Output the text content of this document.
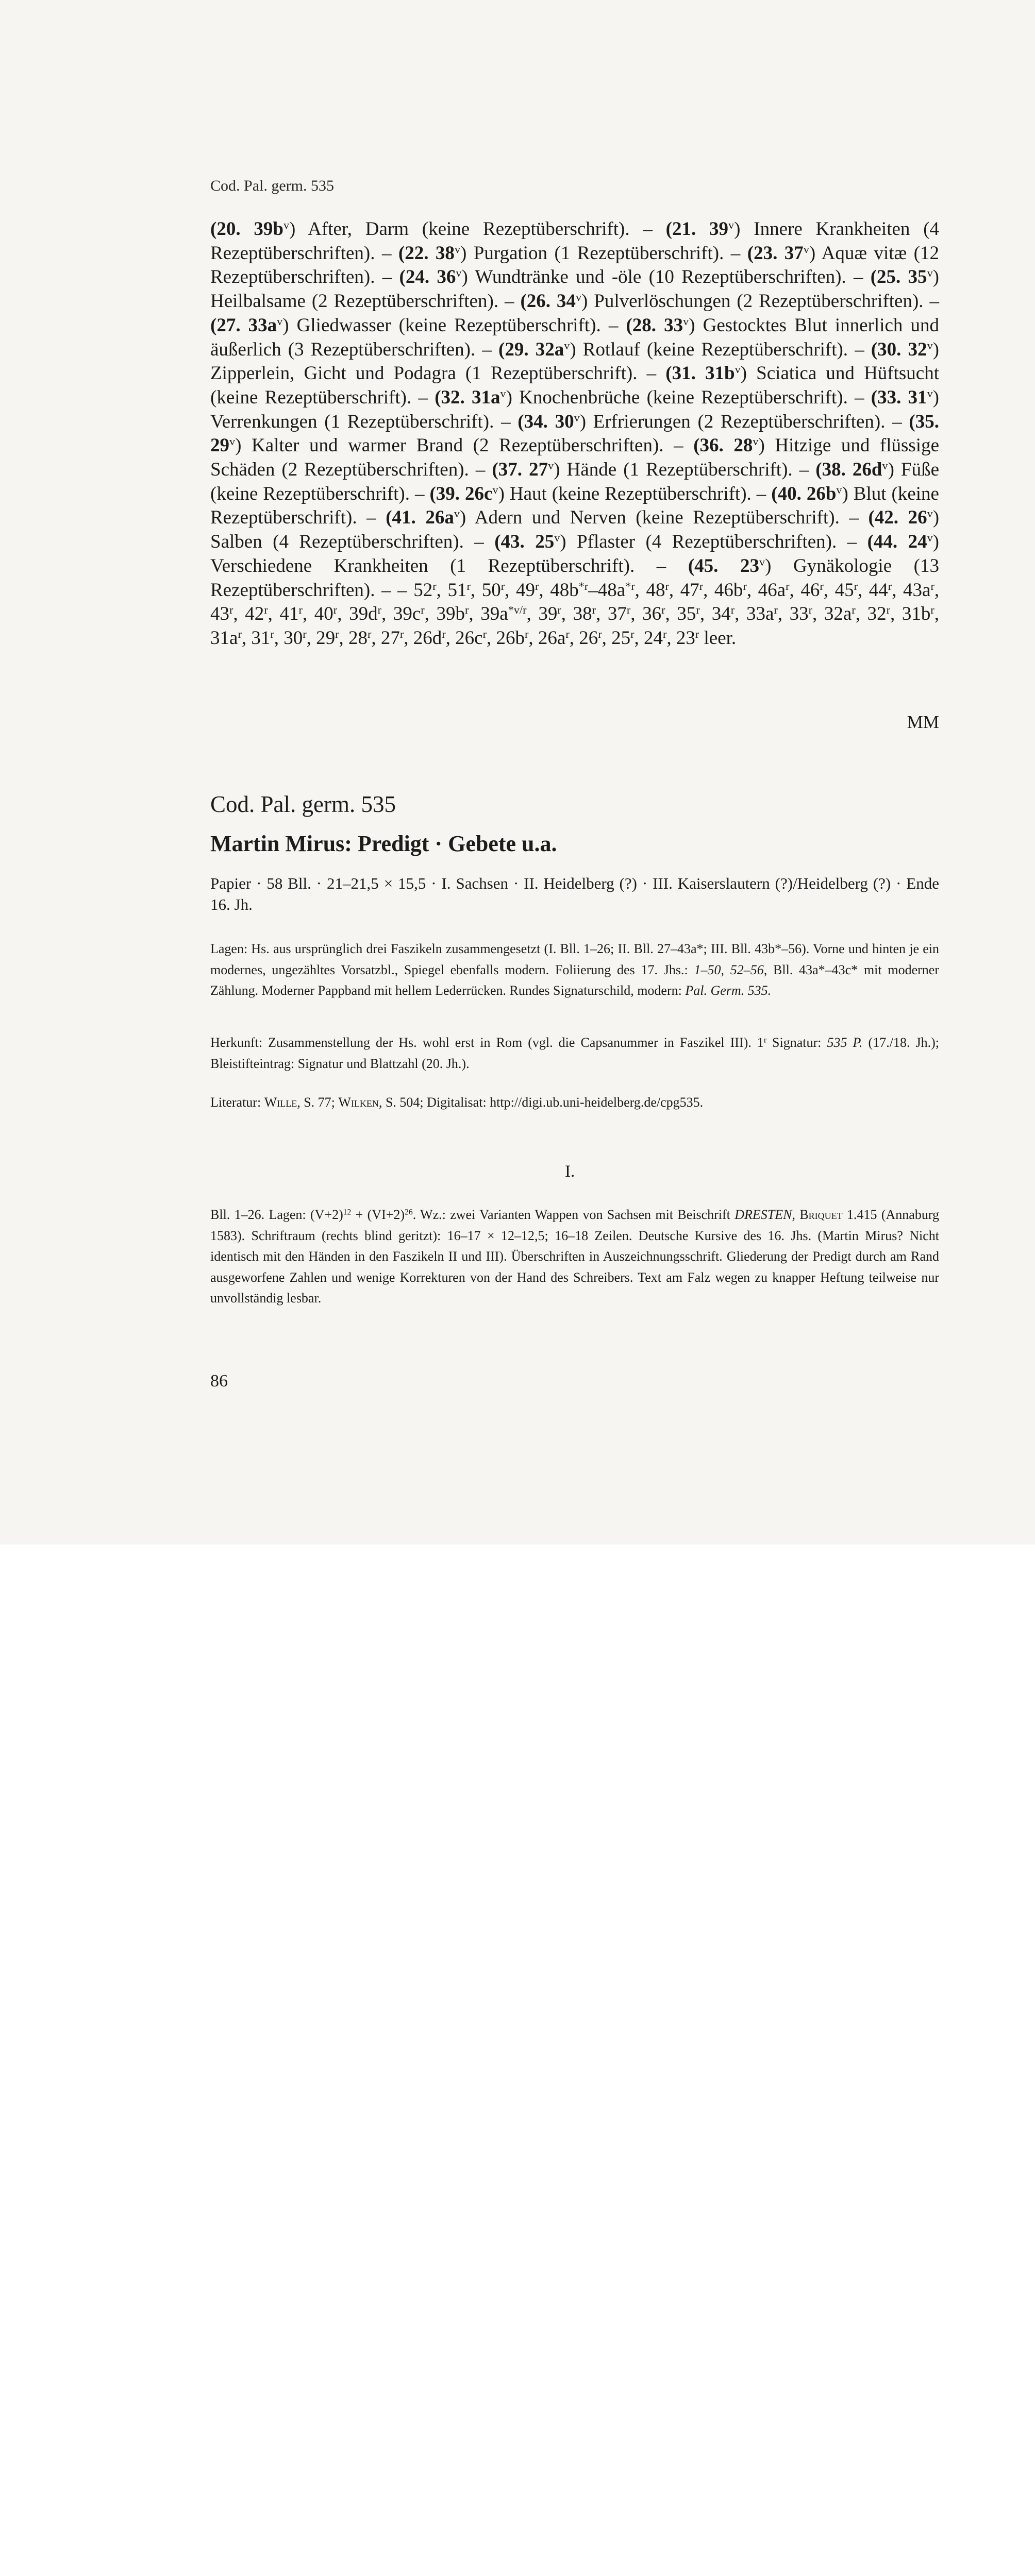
Cod. Pal. germ. 535
(20. $39b^v$) After, Darm (keine Rezeptüberschrift). – (21. 39$^v$) Innere Krankheiten (4 Rezeptüberschriften). – (22. 38$^v$) Purgation (1 Rezeptüberschrift). – (23. 37$^v$) Aquæ vitæ (12 Rezeptüberschriften). – (24. 36$^v$) Wundtränke und -öle (10 Rezeptüberschriften). – (25. 35$^v$) Heilbalsame (2 Rezeptüberschriften). – (26. 34$^v$) Pulverlöschungen (2 Rezeptüberschriften). – (27. $33a^v$) Gliedwasser (keine Rezeptüberschrift). – (28. 33$^v$) Gestocktes Blut innerlich und äußerlich (3 Rezeptüberschriften). – (29. $32a^v$) Rotlauf (keine Rezeptüberschrift). – (30. 32$^v$) Zipperlein, Gicht und Podagra (1 Rezeptüberschrift). – (31. $31b^v$) Sciatica und Hüftsucht (keine Rezeptüberschrift). – (32. $31a^v$) Knochenbrüche (keine Rezeptüberschrift). – (33. 31$^v$) Verrenkungen (1 Rezeptüberschrift). – (34. 30$^v$) Erfrierungen (2 Rezeptüberschriften). – (35. 29$^v$) Kalter und warmer Brand (2 Rezeptüberschriften). – (36. 28$^v$) Hitzige und flüssige Schäden (2 Rezeptüberschriften). – (37. 27$^v$) Hände (1 Rezeptüberschrift). – (38. $26d^v$) Füße (keine Rezeptüberschrift). – (39. $26c^v$) Haut (keine Rezeptüberschrift). – (40. $26b^v$) Blut (keine Rezeptüberschrift). – (41. $26a^v$) Adern und Nerven (keine Rezeptüberschrift). – (42. 26$^v$) Salben (4 Rezeptüberschriften). – (43. 25$^v$) Pflaster (4 Rezeptüberschriften). – (44. 24$^v$) Verschiedene Krankheiten (1 Rezeptüberschrift). – (45. 23$^v$) Gynäkologie (13 Rezeptüberschriften). – – 52$^r$, 51$^r$, 50$^r$, 49$^r$, $48b^{*r}-48a^{*r}$, 48$^r$, 47$^r$, $46b^r$, $46a^r$, 46$^r$, 45$^r$, 44$^r$, $43a^r$, 43$^r$, 42$^r$, 41$^r$, 40$^r$, $39d^r$, $39c^r$, $39b^r$, $39a^{*v/r}$, 39$^r$, 38$^r$, 37$^r$, 36$^r$, 35$^r$, 34$^r$, $33a^r$, 33$^r$, $32a^r$, 32$^r$, $31b^r$, $31a^r$, 31$^r$, 30$^r$, 29$^r$, 28$^r$, 27$^r$, $26d^r$, $26c^r$, $26b^r$, $26a^r$, 26$^r$, 25$^r$, 24$^r$, 23$^r$ leer.
MM
Cod. Pal. germ. 535
Martin Mirus: Predigt · Gebete u.a.
Papier · 58 Bll. · 21–21,5 × 15,5 · I. Sachsen · II. Heidelberg (?) · III. Kaiserslautern (?)/Heidelberg (?) · Ende 16. Jh.
Lagen: Hs. aus ursprünglich drei Faszikeln zusammengesetzt (I. Bll. 1–26; II. Bll. 27–43a*; III. Bll. 43b*–56). Vorne und hinten je ein modernes, ungezähltes Vorsatzbl., Spiegel ebenfalls modern. Foliierung des 17. Jhs.: 1–50, 52–56, Bll. 43a*–43c* mit moderner Zählung. Moderner Pappband mit hellem Lederrücken. Rundes Signaturschild, modern: Pal. Germ. 535.
Herkunft: Zusammenstellung der Hs. wohl erst in Rom (vgl. die Capsanummer in Faszikel III). 1$^r$ Signatur: 535 P. (17./18. Jh.); Bleistifteintrag: Signatur und Blattzahl (20. Jh.).
Literatur: Wille, S. 77; Wilken, S. 504; Digitalisat: http://digi.ub.uni-heidelberg.de/cpg535.
I.
Bll. 1–26. Lagen: $(V+2)^{12} + (VI+2)^{26}$. Wz.: zwei Varianten Wappen von Sachsen mit Beischrift DRESTEN, Briquet 1.415 (Annaburg 1583). Schriftraum (rechts blind geritzt): 16–17 × 12–12,5; 16–18 Zeilen. Deutsche Kursive des 16. Jhs. (Martin Mirus? Nicht identisch mit den Händen in den Faszikeln II und III). Überschriften in Auszeichnungsschrift. Gliederung der Predigt durch am Rand ausgeworfene Zahlen und wenige Korrekturen von der Hand des Schreibers. Text am Falz wegen zu knapper Heftung teilweise nur unvollständig lesbar.
86
